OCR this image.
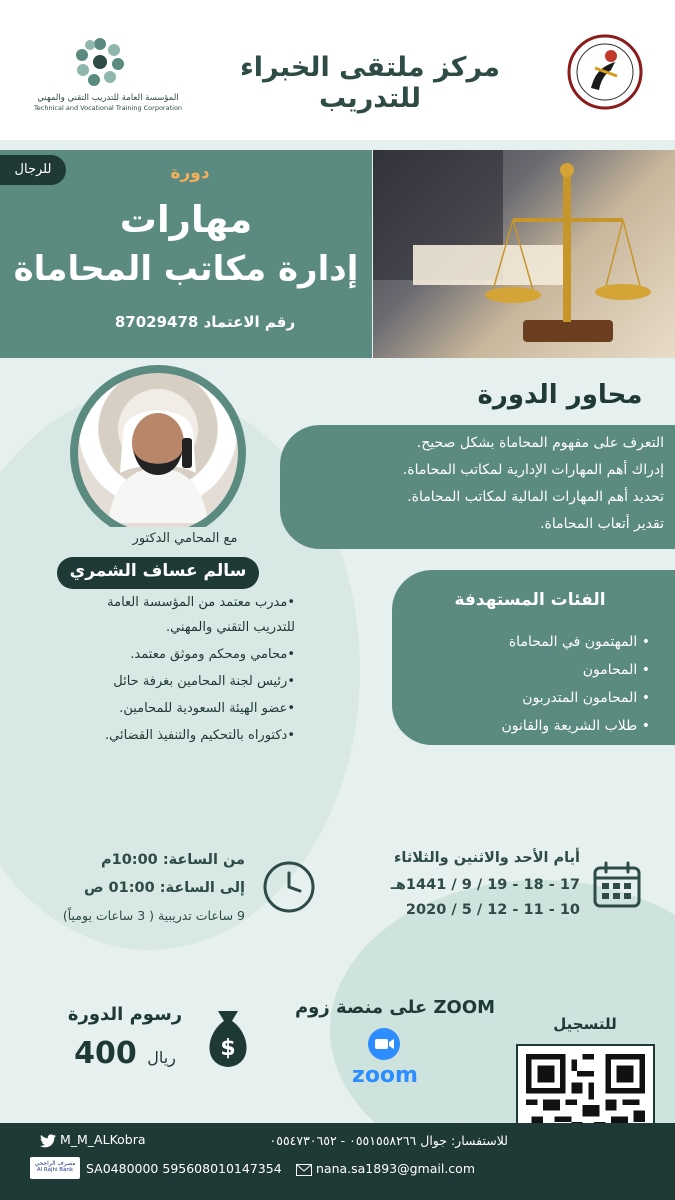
المؤسسة العامة للتدريب التقني والمهني
Technical and Vocational Training Corporation
مركز ملتقى الخبراء للتدريب
للرجال	دورة
مهارات
إدارة مكاتب المحاماة
رقم الاعتماد 87029478
محاور الدورة
التعرف على مفهوم المحاماة بشكل صحيح.
إدراك أهم المهارات الإدارية لمكاتب المحاماة.
تحديد أهم المهارات المالية لمكاتب المحاماة.
تقدير أتعاب المحاماة.
مع المحامي الدكتور
سالم عساف الشمري
•مدرب معتمد من المؤسسة العامة
للتدريب التقني والمهني.
•محامي ومحكم وموثق معتمد.
•رئيس لجنة المحامين بغرفة حائل
•عضو الهيئة السعودية للمحامين.
•دكتوراه بالتحكيم والتنفيذ القضائي.
الفئات المستهدفة
• المهتمون في المحاماة
• المحامون
• المحامون المتدربون
• طلاب الشريعة والقانون
من الساعة: 10:00م
إلى الساعة: 01:00 ص
9 ساعات تدريبية ( 3 ساعات يومياً)
أيام الأحد والاثنين والثلاثاء
17 - 18 - 19 / 9 / 1441هـ
10 - 11 - 12 / 5 / 2020
على منصة زوم ZOOM
zoom
رسوم الدورة
ريال 400	$
للتسجيل
M_M_ALKobra	للاستفسار: جوال ٠٥٥١٥٥٨٢٦٦ - ٠٥٥٤٧٣٠٦٥٢
مصرف الراجحي
Al Rajhi Bank	SA0480000 595608010147354	nana.sa1893@gmail.com
